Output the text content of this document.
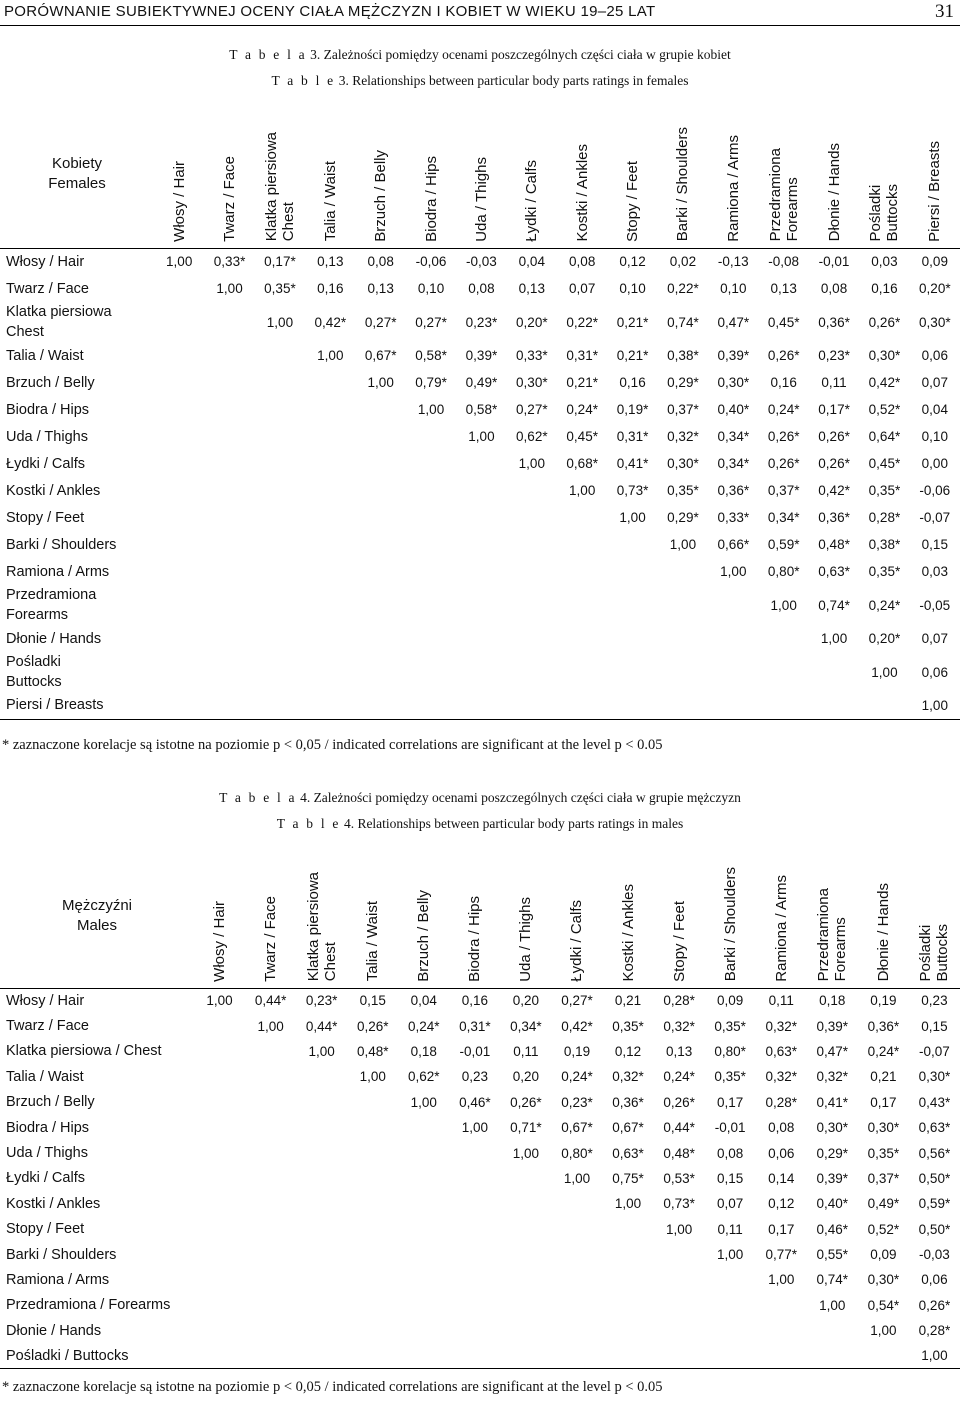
PORÓWNANIE SUBIEKTYWNEJ OCENY CIAŁA MĘŻCZYZN I KOBIET W WIEKU 19–25 LAT	31
T a b e l a 3. Zależności pomiędzy ocenami poszczególnych części ciała w grupie kobiet
T a b l e 3. Relationships between particular body parts ratings in females
Kobiety
Females	Włosy / Hair	Twarz / Face	Klatka piersiowa
Chest	Talia / Waist	Brzuch / Belly	Biodra / Hips	Uda / Thighs	Łydki / Calfs	Kostki / Ankles	Stopy / Feet	Barki / Shoulders	Ramiona / Arms	Przedramiona
Forearms	Dłonie / Hands	Pośladki
Buttocks	Piersi / Breasts

Włosy / Hair	1,00	0,33*	0,17*	0,13	0,08	-0,06	-0,03	0,04	0,08	0,12	0,02	-0,13	-0,08	-0,01	0,03	0,09
Twarz / Face		1,00	0,35*	0,16	0,13	0,10	0,08	0,13	0,07	0,10	0,22*	0,10	0,13	0,08	0,16	0,20*
Klatka piersiowa
Chest			1,00	0,42*	0,27*	0,27*	0,23*	0,20*	0,22*	0,21*	0,74*	0,47*	0,45*	0,36*	0,26*	0,30*
Talia / Waist				1,00	0,67*	0,58*	0,39*	0,33*	0,31*	0,21*	0,38*	0,39*	0,26*	0,23*	0,30*	0,06
Brzuch / Belly					1,00	0,79*	0,49*	0,30*	0,21*	0,16	0,29*	0,30*	0,16	0,11	0,42*	0,07
Biodra / Hips						1,00	0,58*	0,27*	0,24*	0,19*	0,37*	0,40*	0,24*	0,17*	0,52*	0,04
Uda / Thighs							1,00	0,62*	0,45*	0,31*	0,32*	0,34*	0,26*	0,26*	0,64*	0,10
Łydki / Calfs								1,00	0,68*	0,41*	0,30*	0,34*	0,26*	0,26*	0,45*	0,00
Kostki / Ankles									1,00	0,73*	0,35*	0,36*	0,37*	0,42*	0,35*	-0,06
Stopy / Feet										1,00	0,29*	0,33*	0,34*	0,36*	0,28*	-0,07
Barki / Shoulders											1,00	0,66*	0,59*	0,48*	0,38*	0,15
Ramiona / Arms												1,00	0,80*	0,63*	0,35*	0,03
Przedramiona
Forearms													1,00	0,74*	0,24*	-0,05
Dłonie / Hands														1,00	0,20*	0,07
Pośladki
Buttocks															1,00	0,06
Piersi / Breasts																1,00
* zaznaczone korelacje są istotne na poziomie p < 0,05 / indicated correlations are significant at the level p < 0.05
T a b e l a 4. Zależności pomiędzy ocenami poszczególnych części ciała w grupie mężczyzn
T a b l e 4. Relationships between particular body parts ratings in males
Mężczyźni
Males	Włosy / Hair	Twarz / Face	Klatka piersiowa
Chest	Talia / Waist	Brzuch / Belly	Biodra / Hips	Uda / Thighs	Łydki / Calfs	Kostki / Ankles	Stopy / Feet	Barki / Shoulders	Ramiona / Arms	Przedramiona
Forearms	Dłonie / Hands	Pośladki
Buttocks

Włosy / Hair	1,00	0,44*	0,23*	0,15	0,04	0,16	0,20	0,27*	0,21	0,28*	0,09	0,11	0,18	0,19	0,23
Twarz / Face		1,00	0,44*	0,26*	0,24*	0,31*	0,34*	0,42*	0,35*	0,32*	0,35*	0,32*	0,39*	0,36*	0,15
Klatka piersiowa / Chest			1,00	0,48*	0,18	-0,01	0,11	0,19	0,12	0,13	0,80*	0,63*	0,47*	0,24*	-0,07
Talia / Waist				1,00	0,62*	0,23	0,20	0,24*	0,32*	0,24*	0,35*	0,32*	0,32*	0,21	0,30*
Brzuch / Belly					1,00	0,46*	0,26*	0,23*	0,36*	0,26*	0,17	0,28*	0,41*	0,17	0,43*
Biodra / Hips						1,00	0,71*	0,67*	0,67*	0,44*	-0,01	0,08	0,30*	0,30*	0,63*
Uda / Thighs							1,00	0,80*	0,63*	0,48*	0,08	0,06	0,29*	0,35*	0,56*
Łydki / Calfs								1,00	0,75*	0,53*	0,15	0,14	0,39*	0,37*	0,50*
Kostki / Ankles									1,00	0,73*	0,07	0,12	0,40*	0,49*	0,59*
Stopy / Feet										1,00	0,11	0,17	0,46*	0,52*	0,50*
Barki / Shoulders											1,00	0,77*	0,55*	0,09	-0,03
Ramiona / Arms												1,00	0,74*	0,30*	0,06
Przedramiona / Forearms													1,00	0,54*	0,26*
Dłonie / Hands														1,00	0,28*
Pośladki / Buttocks															1,00
* zaznaczone korelacje są istotne na poziomie p < 0,05 / indicated correlations are significant at the level p < 0.05
